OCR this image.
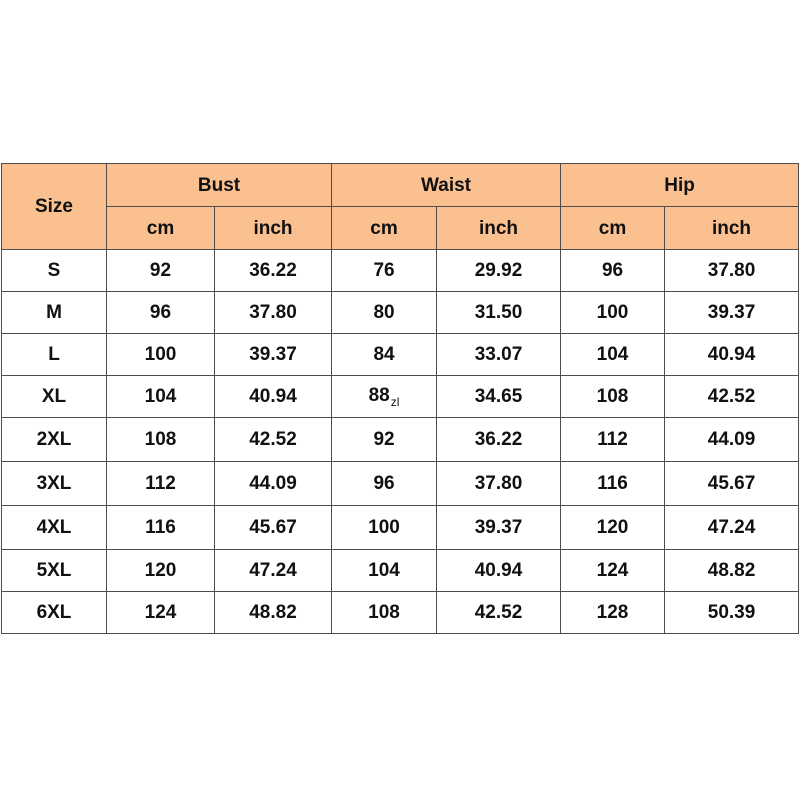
Size	Bust		Waist		Hip	
	cm	inch	cm	inch	cm	inch
S	92	36.22	76	29.92	96	37.80
M	96	37.80	80	31.50	100	39.37
L	100	39.37	84	33.07	104	40.94
XL	104	40.94	$88_{zl}$	34.65	108	42.52
2XL	108	42.52	92	36.22	112	44.09
3XL	112	44.09	96	37.80	116	45.67
4XL	116	45.67	100	39.37	120	47.24
5XL	120	47.24	104	40.94	124	48.82
6XL	124	48.82	108	42.52	128	50.39
